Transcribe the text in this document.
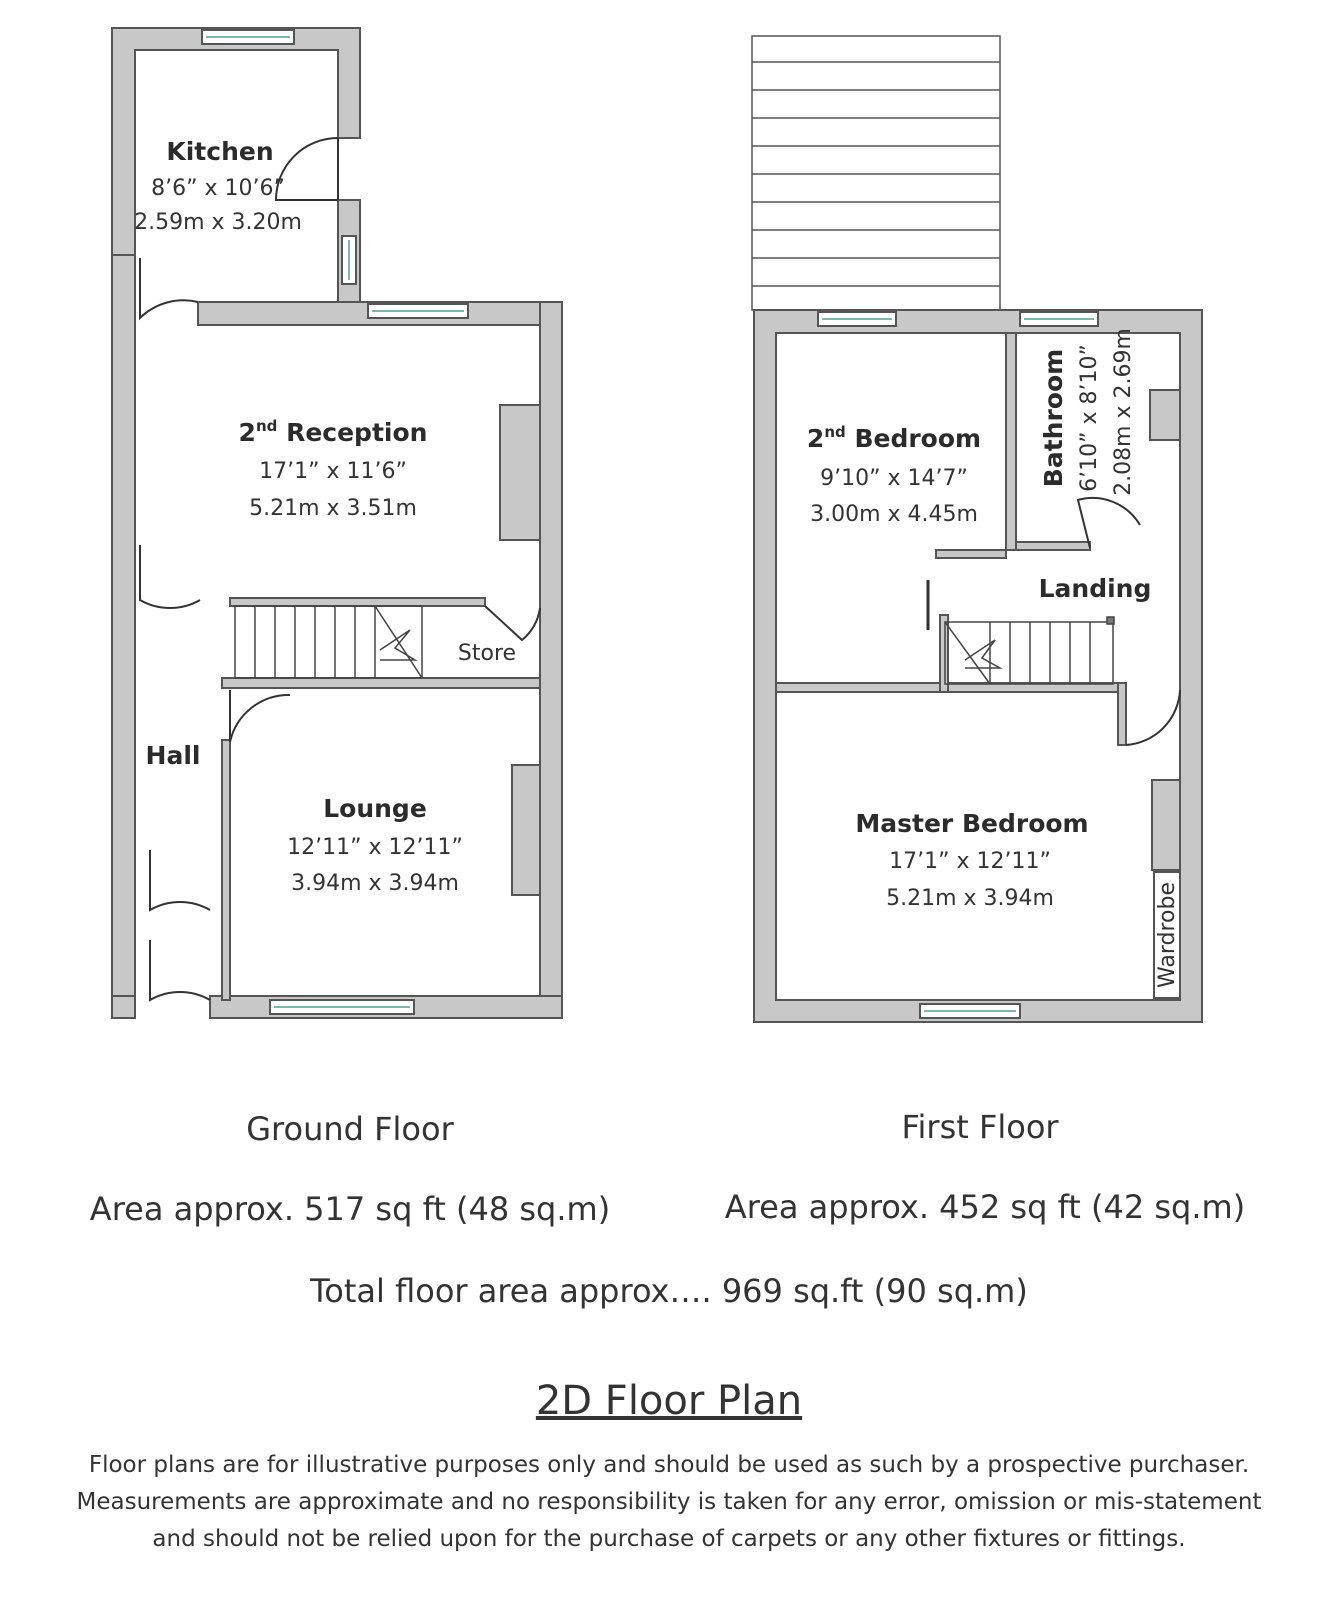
Kitchen
8’6” x 10’6”
2.59m x 3.20m
2nd Reception
17’1” x 11’6”
5.21m x 3.51m
Store
Hall
Lounge
12’11” x 12’11”
3.94m x 3.94m
2nd Bedroom
9’10” x 14’7”
3.00m x 4.45m
Bathroom 6’10” x 8’10” 2.08m x 2.69m
Landing
Master Bedroom
17’1” x 12’11”
5.21m x 3.94m	Wardrobe
Ground Floor	First Floor
Area approx. 517 sq ft (48 sq.m)	Area approx. 452 sq ft (42 sq.m)
Total floor area approx…. 969 sq.ft (90 sq.m)
2D Floor Plan
Floor plans are for illustrative purposes only and should be used as such by a prospective purchaser.
Measurements are approximate and no responsibility is taken for any error, omission or mis-statement
and should not be relied upon for the purchase of carpets or any other fixtures or fittings.
